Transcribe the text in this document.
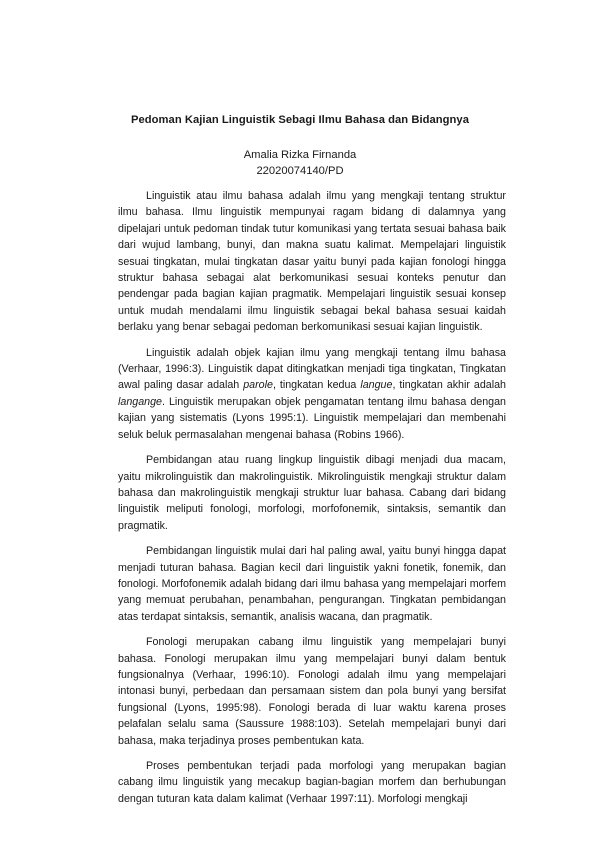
Pedoman Kajian Linguistik Sebagi Ilmu Bahasa dan Bidangnya
Amalia Rizka Firnanda
22020074140/PD

Linguistik atau ilmu bahasa adalah ilmu yang mengkaji tentang struktur ilmu bahasa. Ilmu linguistik mempunyai ragam bidang di dalamnya yang dipelajari untuk pedoman tindak tutur komunikasi yang tertata sesuai bahasa baik dari wujud lambang, bunyi, dan makna suatu kalimat. Mempelajari linguistik sesuai tingkatan, mulai tingkatan dasar yaitu bunyi pada kajian fonologi hingga struktur bahasa sebagai alat berkomunikasi sesuai konteks penutur dan pendengar pada bagian kajian pragmatik. Mempelajari linguistik sesuai konsep untuk mudah mendalami ilmu linguistik sebagai bekal bahasa sesuai kaidah berlaku yang benar sebagai pedoman berkomunikasi sesuai kajian linguistik.

Linguistik adalah objek kajian ilmu yang mengkaji tentang ilmu bahasa (Verhaar, 1996:3). Linguistik dapat ditingkatkan menjadi tiga tingkatan, Tingkatan awal paling dasar adalah parole, tingkatan kedua langue, tingkatan akhir adalah langange. Linguistik merupakan objek pengamatan tentang ilmu bahasa dengan kajian yang sistematis (Lyons 1995:1). Linguistik mempelajari dan membenahi seluk beluk permasalahan mengenai bahasa (Robins 1966).

Pembidangan atau ruang lingkup linguistik dibagi menjadi dua macam, yaitu mikrolinguistik dan makrolinguistik. Mikrolinguistik mengkaji struktur dalam bahasa dan makrolinguistik mengkaji struktur luar bahasa. Cabang dari bidang linguistik meliputi fonologi, morfologi, morfofonemik, sintaksis, semantik dan pragmatik.

Pembidangan linguistik mulai dari hal paling awal, yaitu bunyi hingga dapat menjadi tuturan bahasa. Bagian kecil dari linguistik yakni fonetik, fonemik, dan fonologi. Morfofonemik adalah bidang dari ilmu bahasa yang mempelajari morfem yang memuat perubahan, penambahan, pengurangan. Tingkatan pembidangan atas terdapat sintaksis, semantik, analisis wacana, dan pragmatik.

Fonologi merupakan cabang ilmu linguistik yang mempelajari bunyi bahasa. Fonologi merupakan ilmu yang mempelajari bunyi dalam bentuk fungsionalnya (Verhaar, 1996:10). Fonologi adalah ilmu yang mempelajari intonasi bunyi, perbedaan dan persamaan sistem dan pola bunyi yang bersifat fungsional (Lyons, 1995:98). Fonologi berada di luar waktu karena proses pelafalan selalu sama (Saussure 1988:103). Setelah mempelajari bunyi dari bahasa, maka terjadinya proses pembentukan kata.

Proses pembentukan terjadi pada morfologi yang merupakan bagian cabang ilmu linguistik yang mecakup bagian-bagian morfem dan berhubungan dengan tuturan kata dalam kalimat (Verhaar 1997:11). Morfologi mengkaji
